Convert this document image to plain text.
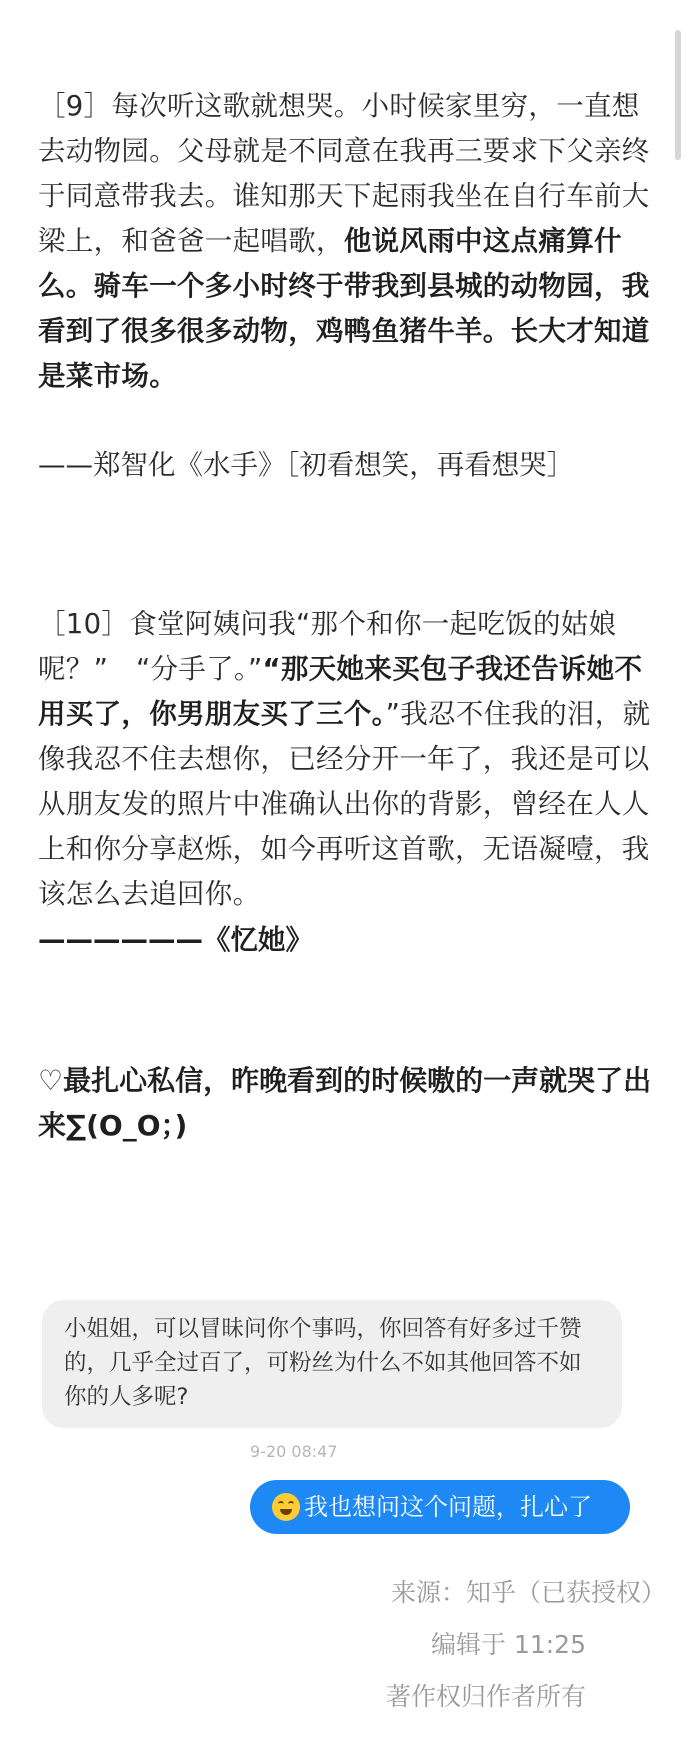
［9］每次听这歌就想哭。小时候家里穷，一直想去动物园。父母就是不同意在我再三要求下父亲终于同意带我去。谁知那天下起雨我坐在自行车前大梁上，和爸爸一起唱歌，他说风雨中这点痛算什么。骑车一个多小时终于带我到县城的动物园，我看到了很多很多动物，鸡鸭鱼猪牛羊。长大才知道是菜市场。

——郑智化《水手》［初看想笑，再看想哭］

［10］食堂阿姨问我“那个和你一起吃饭的姑娘呢？”　“分手了。”“那天她来买包子我还告诉她不用买了，你男朋友买了三个。”我忍不住我的泪，就像我忍不住去想你，已经分开一年了，我还是可以从朋友发的照片中准确认出你的背影，曾经在人人上和你分享赵烁，如今再听这首歌，无语凝噎，我该怎么去追回你。

——————《忆她》
♡最扎心私信，昨晚看到的时候嗷的一声就哭了出来∑(O_O；)
小姐姐，可以冒昧问你个事吗，你回答有好多过千赞的，几乎全过百了，可粉丝为什么不如其他回答不如你的人多呢?
9-20 08:47
我也想问这个问题，扎心了
来源：知乎（已获授权）
编辑于 11:25
著作权归作者所有
